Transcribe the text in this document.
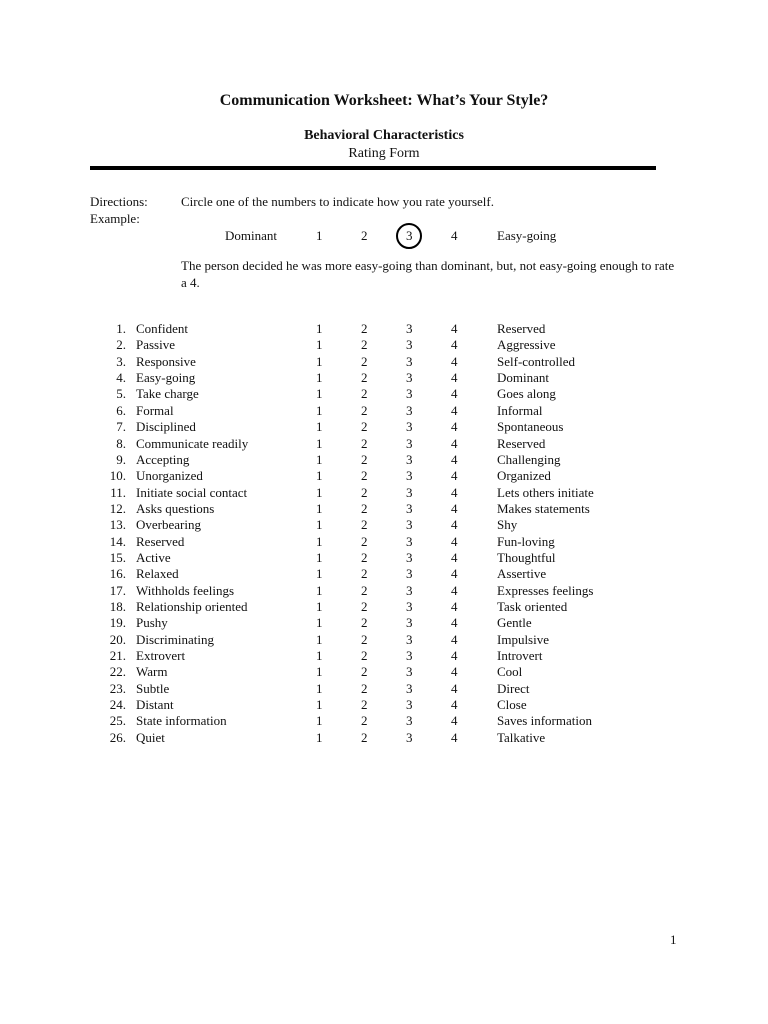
Communication Worksheet: What’s Your Style?
Behavioral Characteristics
Rating Form
Directions:	Circle one of the numbers to indicate how you rate yourself.
Example:
Dominant	1	2	3	4	Easy-going
The person decided he was more easy-going than dominant, but, not easy-going enough to rate a 4.
1. Confident	1	2	3	4	Reserved
2. Passive	1	2	3	4	Aggressive
3. Responsive	1	2	3	4	Self-controlled
4. Easy-going	1	2	3	4	Dominant
5. Take charge	1	2	3	4	Goes along
6. Formal	1	2	3	4	Informal
7. Disciplined	1	2	3	4	Spontaneous
8. Communicate readily	1	2	3	4	Reserved
9. Accepting	1	2	3	4	Challenging
10. Unorganized	1	2	3	4	Organized
11. Initiate social contact	1	2	3	4	Lets others initiate
12. Asks questions	1	2	3	4	Makes statements
13. Overbearing	1	2	3	4	Shy
14. Reserved	1	2	3	4	Fun-loving
15. Active	1	2	3	4	Thoughtful
16. Relaxed	1	2	3	4	Assertive
17. Withholds feelings	1	2	3	4	Expresses feelings
18. Relationship oriented	1	2	3	4	Task oriented
19. Pushy	1	2	3	4	Gentle
20. Discriminating	1	2	3	4	Impulsive
21. Extrovert	1	2	3	4	Introvert
22. Warm	1	2	3	4	Cool
23. Subtle	1	2	3	4	Direct
24. Distant	1	2	3	4	Close
25. State information	1	2	3	4	Saves information
26. Quiet	1	2	3	4	Talkative
1
